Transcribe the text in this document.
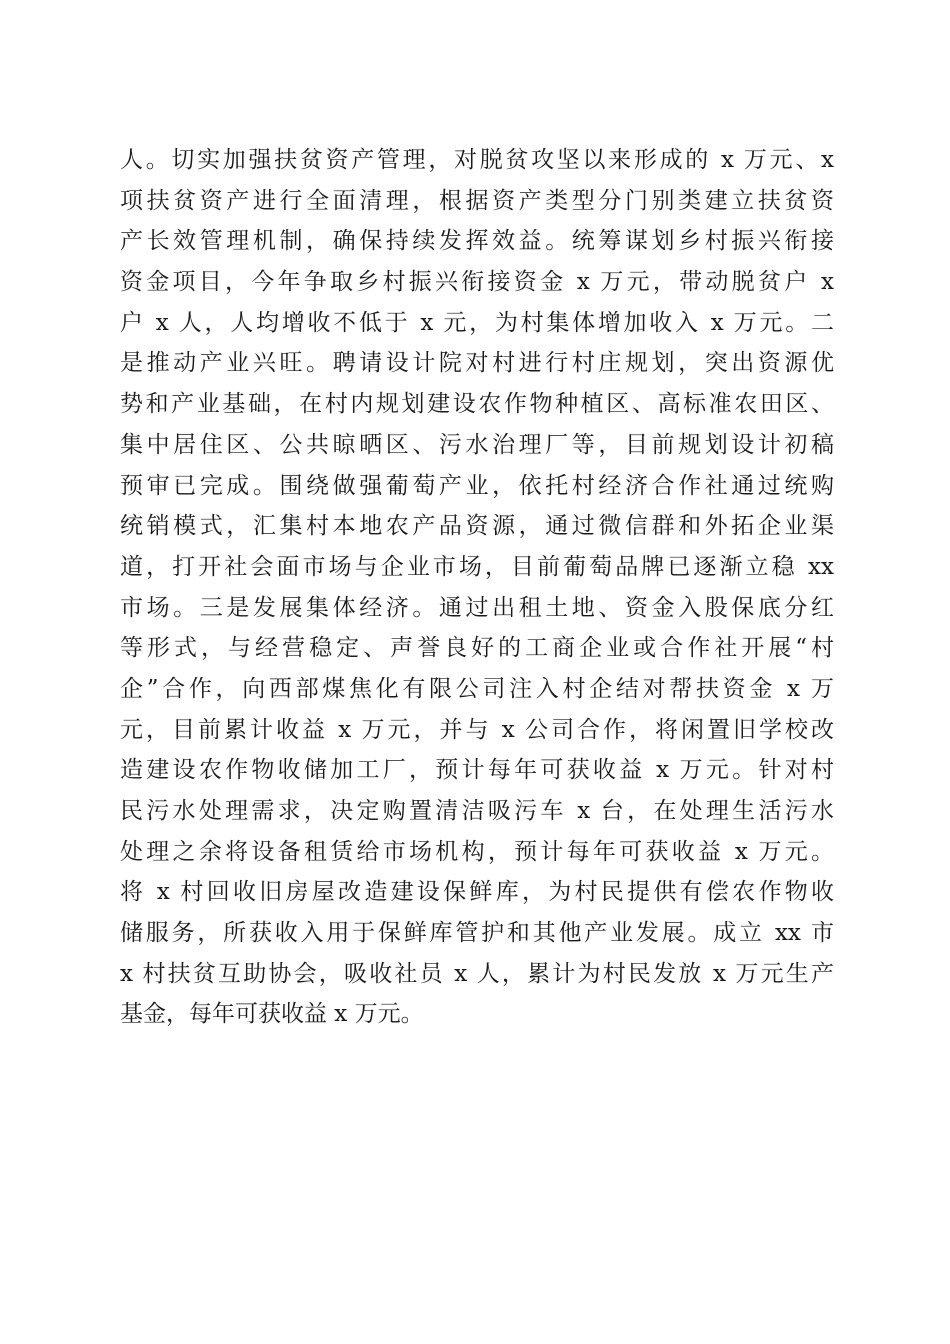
人。切实加强扶贫资产管理，对脱贫攻坚以来形成的 x 万元、x
项扶贫资产进行全面清理，根据资产类型分门别类建立扶贫资
产长效管理机制，确保持续发挥效益。统筹谋划乡村振兴衔接
资金项目，今年争取乡村振兴衔接资金 x 万元，带动脱贫户 x
户 x 人，人均增收不低于 x 元，为村集体增加收入 x 万元。二
是推动产业兴旺。聘请设计院对村进行村庄规划，突出资源优
势和产业基础，在村内规划建设农作物种植区、高标准农田区、
集中居住区、公共晾晒区、污水治理厂等，目前规划设计初稿
预审已完成。围绕做强葡萄产业，依托村经济合作社通过统购
统销模式，汇集村本地农产品资源，通过微信群和外拓企业渠
道，打开社会面市场与企业市场，目前葡萄品牌已逐渐立稳 xx
市场。三是发展集体经济。通过出租土地、资金入股保底分红
等形式，与经营稳定、声誉良好的工商企业或合作社开展“村
企”合作，向西部煤焦化有限公司注入村企结对帮扶资金 x 万
元，目前累计收益 x 万元，并与 x 公司合作，将闲置旧学校改
造建设农作物收储加工厂，预计每年可获收益 x 万元。针对村
民污水处理需求，决定购置清洁吸污车 x 台，在处理生活污水
处理之余将设备租赁给市场机构，预计每年可获收益 x 万元。
将 x 村回收旧房屋改造建设保鲜库，为村民提供有偿农作物收
储服务，所获收入用于保鲜库管护和其他产业发展。成立 xx 市
x 村扶贫互助协会，吸收社员 x 人，累计为村民发放 x 万元生产
基金，每年可获收益 x 万元。
